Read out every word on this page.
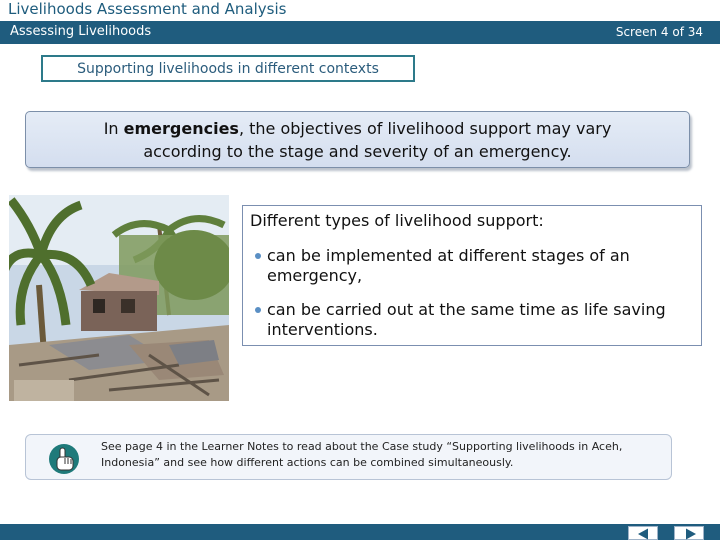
Livelihoods Assessment and Analysis
Assessing Livelihoods	Screen 4 of 34
Supporting livelihoods in different contexts

In emergencies, the objectives of livelihood support may vary
according to the stage and severity of an emergency.

Different types of livelihood support:
can be implemented at different stages of an emergency,
can be carried out at the same time as life saving interventions.
See page 4 in the Learner Notes to read about the Case study “Supporting livelihoods in Aceh, Indonesia” and see how different actions can be combined simultaneously.
